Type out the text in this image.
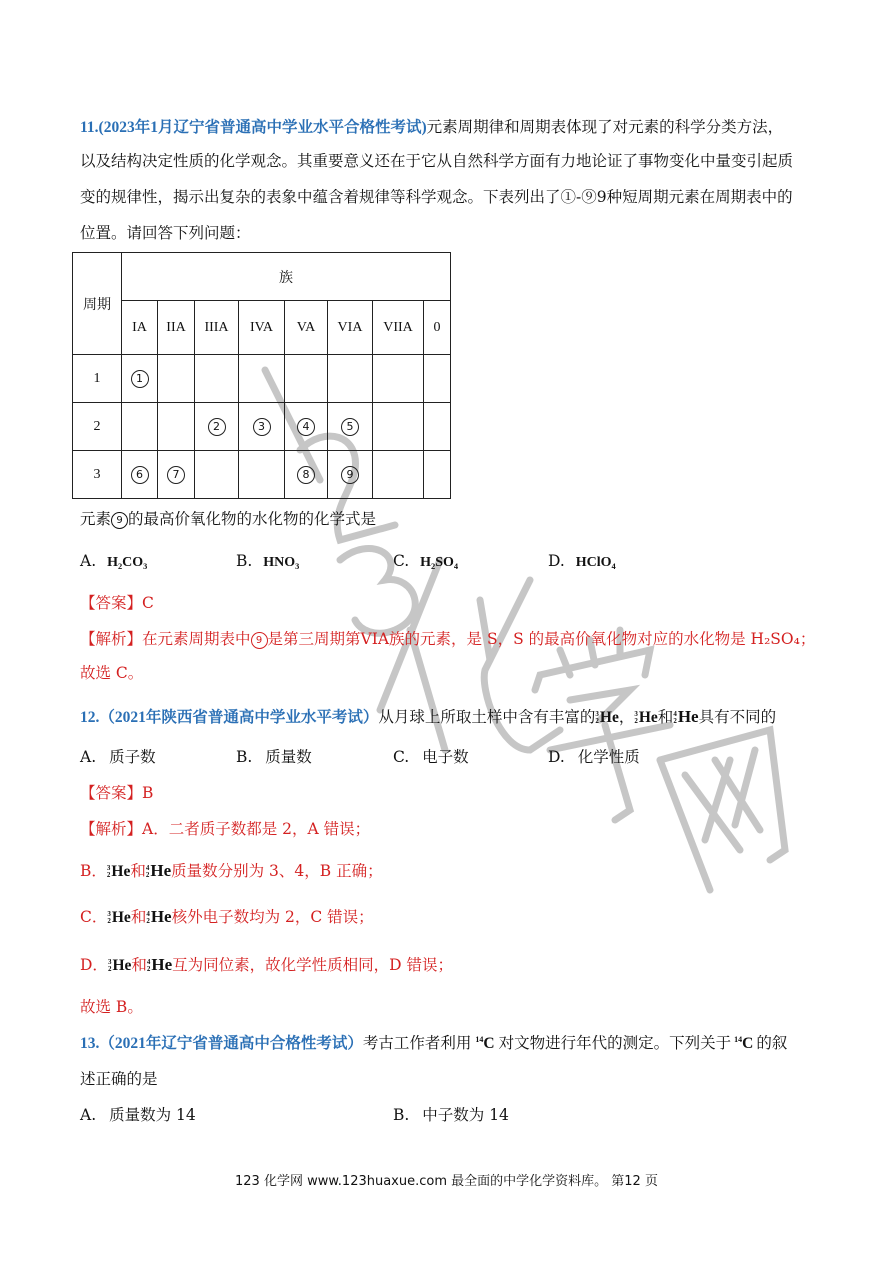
123化学网
11.(2023年1月辽宁省普通高中学业水平合格性考试)元素周期律和周期表体现了对元素的科学分类方法，
以及结构决定性质的化学观念。其重要意义还在于它从自然科学方面有力地论证了事物变化中量变引起质
变的规律性，揭示出复杂的表象中蕴含着规律等科学观念。下表列出了①-⑨9种短周期元素在周期表中的
位置。请回答下列问题：
周期	族							
	IA	IIA	IIIA	IVA	VA	VIA	VIIA	0
1	1							
2			2	3	4	5		
3	6	7			8	9		
元素 9 的最高价氧化物的水化物的化学式是
A. H₂CO₃	B. HNO₃	C. H₂SO₄	D. HClO₄
【答案】C
【解析】在元素周期表中 9 是第三周期第VIA族的元素，是 S，S 的最高价氧化物对应的水化物是 H₂SO₄；
故选 C。
12.（2021年陕西省普通高中学业水平考试）从月球上所取土样中含有丰富的 3
2 He， 3
2 He和 4
2 He具有不同的
A. 质子数	B. 质量数	C. 电子数	D. 化学性质
【答案】B
【解析】A．二者质子数都是 2，A 错误；
B． 3
2 He和 4
2 He质量数分别为 3、4，B 正确；
C． 3
2 He和 4
2 He核外电子数均为 2，C 错误；
D． 3
2 He和 4
2 He互为同位素，故化学性质相同，D 错误；
故选 B。
13.（2021年辽宁省普通高中合格性考试）考古工作者利用 $^{14}$C 对文物进行年代的测定。下列关于 $^{14}$C 的叙
述正确的是
A. 质量数为 14	B. 中子数为 14
123 化学网 www.123huaxue.com 最全面的中学化学资料库。 第12 页
